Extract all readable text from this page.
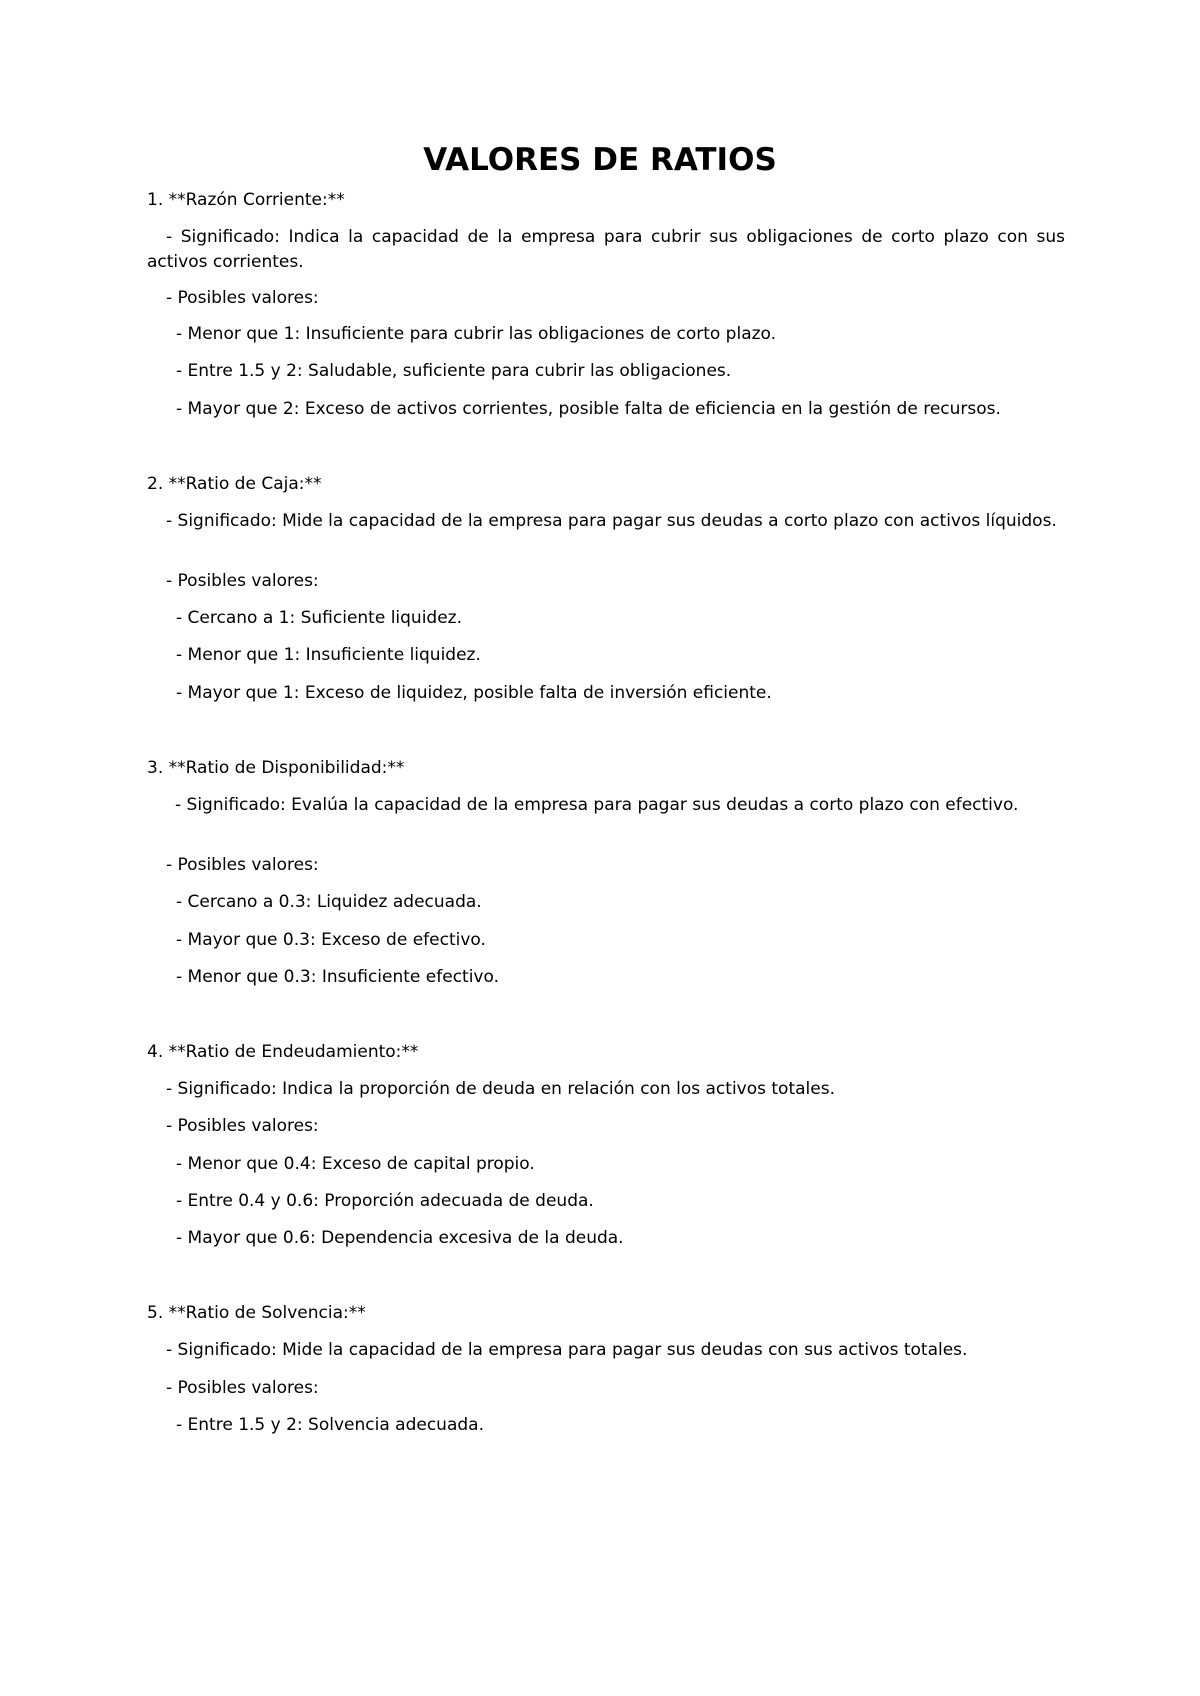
VALORES DE RATIOS
1. **Razón Corriente:**
- Significado: Indica la capacidad de la empresa para cubrir sus obligaciones de corto plazo con sus activos corrientes.
- Posibles valores:
- Menor que 1: Insuficiente para cubrir las obligaciones de corto plazo.
- Entre 1.5 y 2: Saludable, suficiente para cubrir las obligaciones.
- Mayor que 2: Exceso de activos corrientes, posible falta de eficiencia en la gestión de recursos.
2. **Ratio de Caja:**
- Significado: Mide la capacidad de la empresa para pagar sus deudas a corto plazo con activos líquidos.
- Posibles valores:
- Cercano a 1: Suficiente liquidez.
- Menor que 1: Insuficiente liquidez.
- Mayor que 1: Exceso de liquidez, posible falta de inversión eficiente.
3. **Ratio de Disponibilidad:**
- Significado: Evalúa la capacidad de la empresa para pagar sus deudas a corto plazo con efectivo.
- Posibles valores:
- Cercano a 0.3: Liquidez adecuada.
- Mayor que 0.3: Exceso de efectivo.
- Menor que 0.3: Insuficiente efectivo.
4. **Ratio de Endeudamiento:**
- Significado: Indica la proporción de deuda en relación con los activos totales.
- Posibles valores:
- Menor que 0.4: Exceso de capital propio.
- Entre 0.4 y 0.6: Proporción adecuada de deuda.
- Mayor que 0.6: Dependencia excesiva de la deuda.
5. **Ratio de Solvencia:**
- Significado: Mide la capacidad de la empresa para pagar sus deudas con sus activos totales.
- Posibles valores:
- Entre 1.5 y 2: Solvencia adecuada.
